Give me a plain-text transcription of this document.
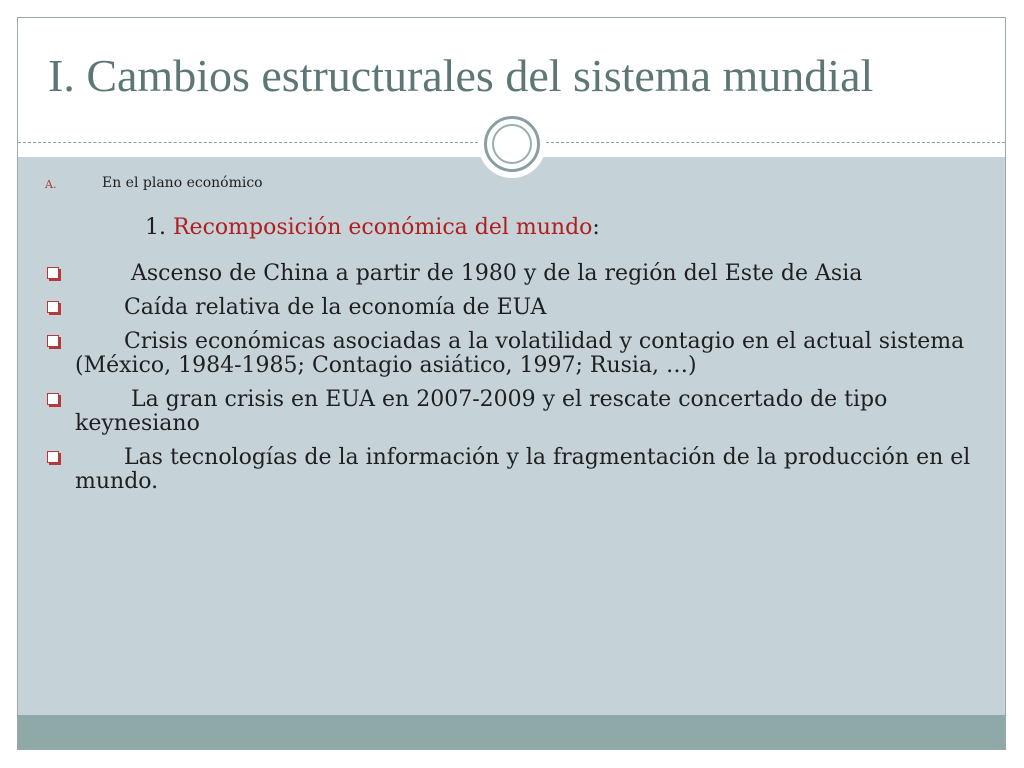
I. Cambios estructurales del sistema mundial
A.	En el plano económico
1. Recomposición económica del mundo:
Ascenso de China a partir de 1980 y de la región del Este de Asia
Caída relativa de la economía de EUA
Crisis económicas asociadas a la volatilidad y contagio en el actual sistema (México, 1984-1985; Contagio asiático, 1997; Rusia, …)
La gran crisis en EUA en 2007-2009 y el rescate concertado de tipo keynesiano
Las tecnologías de la información y la fragmentación de la producción en el mundo.
